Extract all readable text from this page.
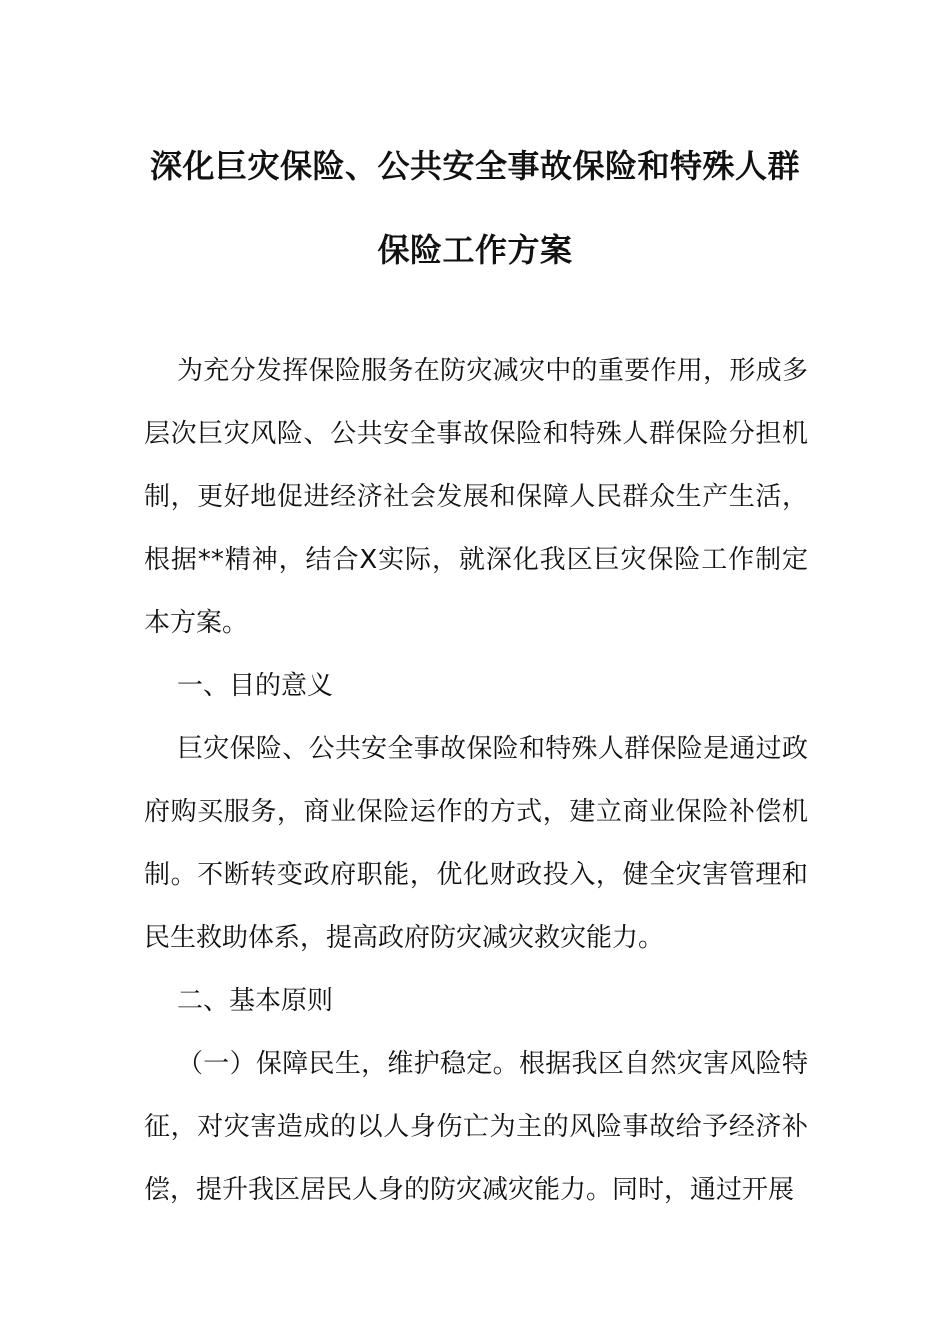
深化巨灾保险、公共安全事故保险和特殊人群
保险工作方案

为充分发挥保险服务在防灾减灾中的重要作用，形成多层次巨灾风险、公共安全事故保险和特殊人群保险分担机制，更好地促进经济社会发展和保障人民群众生产生活，根据**精神，结合X实际，就深化我区巨灾保险工作制定本方案。

一、目的意义

巨灾保险、公共安全事故保险和特殊人群保险是通过政府购买服务，商业保险运作的方式，建立商业保险补偿机制。不断转变政府职能，优化财政投入，健全灾害管理和民生救助体系，提高政府防灾减灾救灾能力。

二、基本原则

（一）保障民生，维护稳定。根据我区自然灾害风险特征，对灾害造成的以人身伤亡为主的风险事故给予经济补偿，提升我区居民人身的防灾减灾能力。同时，通过开展
